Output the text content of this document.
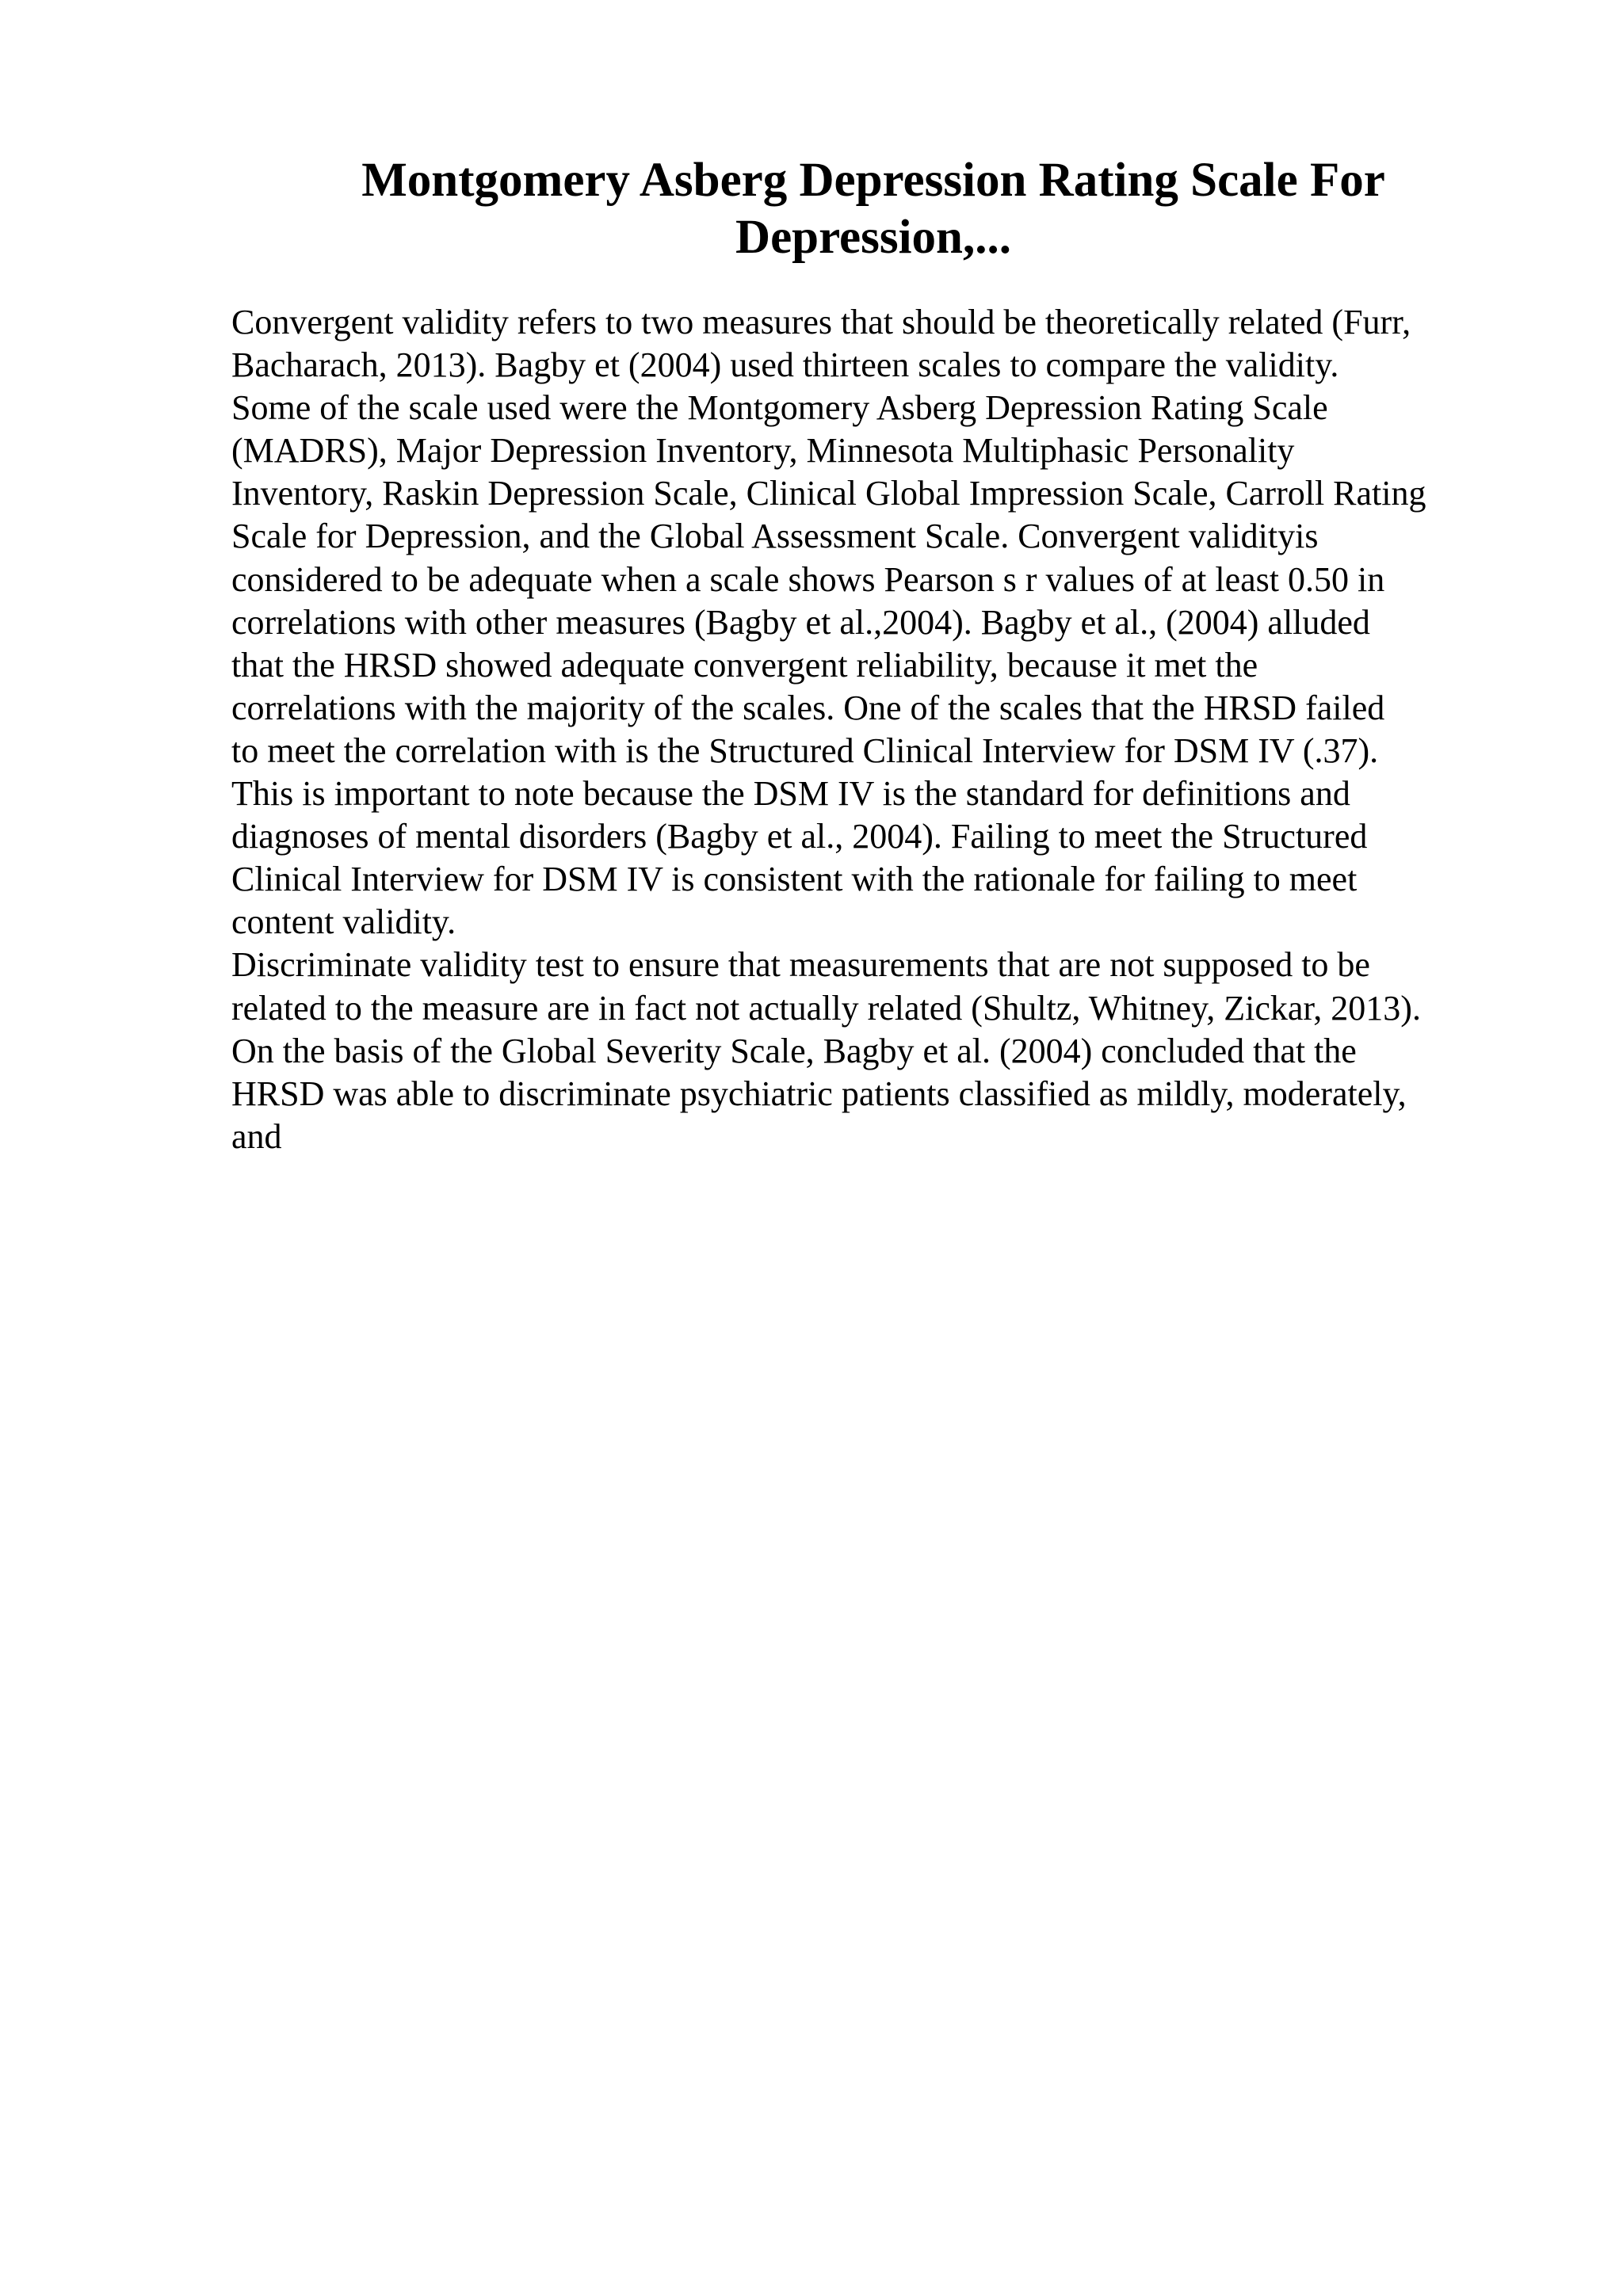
Montgomery Asberg Depression Rating Scale For
Depression,...
Convergent validity refers to two measures that should be theoretically related (Furr,
Bacharach, 2013). Bagby et (2004) used thirteen scales to compare the validity.
Some of the scale used were the Montgomery Asberg Depression Rating Scale
(MADRS), Major Depression Inventory, Minnesota Multiphasic Personality
Inventory, Raskin Depression Scale, Clinical Global Impression Scale, Carroll Rating
Scale for Depression, and the Global Assessment Scale. Convergent validityis
considered to be adequate when a scale shows Pearson s r values of at least 0.50 in
correlations with other measures (Bagby et al.,2004). Bagby et al., (2004) alluded
that the HRSD showed adequate convergent reliability, because it met the
correlations with the majority of the scales. One of the scales that the HRSD failed
to meet the correlation with is the Structured Clinical Interview for DSM IV (.37).
This is important to note because the DSM IV is the standard for definitions and
diagnoses of mental disorders (Bagby et al., 2004). Failing to meet the Structured
Clinical Interview for DSM IV is consistent with the rationale for failing to meet
content validity.
Discriminate validity test to ensure that measurements that are not supposed to be
related to the measure are in fact not actually related (Shultz, Whitney, Zickar, 2013).
On the basis of the Global Severity Scale, Bagby et al. (2004) concluded that the
HRSD was able to discriminate psychiatric patients classified as mildly, moderately,
and
